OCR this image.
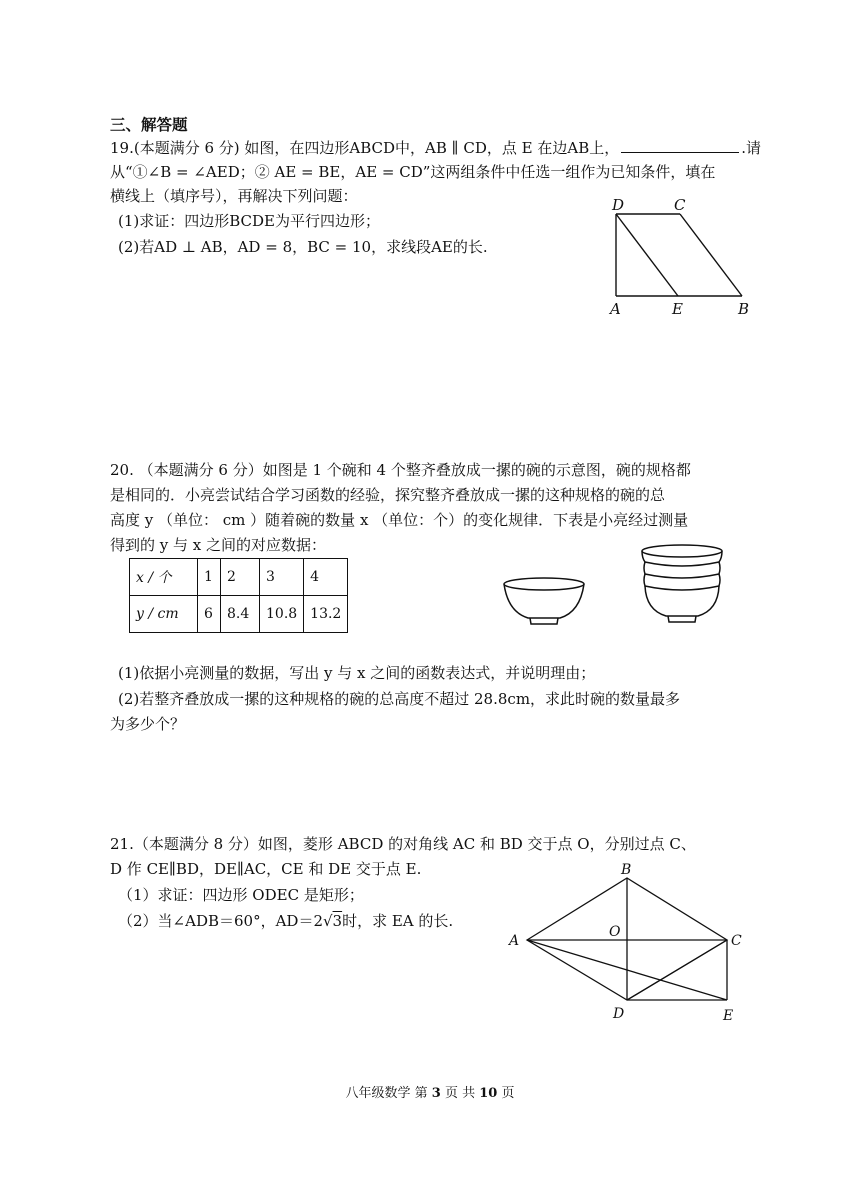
三、解答题
19.(本题满分 6 分) 如图，在四边形ABCD中，AB ∥ CD，点 E 在边AB上，	.请
从“①∠B = ∠AED；② AE = BE，AE = CD”这两组条件中任选一组作为已知条件，填在
横线上（填序号），再解决下列问题：
(1)求证：四边形BCDE为平行四边形；
(2)若AD ⊥ AB，AD = 8，BC = 10，求线段AE的长.
D	C
A	E	B
20. （本题满分 6 分）如图是 1 个碗和 4 个整齐叠放成一摞的碗的示意图，碗的规格都
是相同的．小亮尝试结合学习函数的经验，探究整齐叠放成一摞的这种规格的碗的总
高度 y （单位： cm ）随着碗的数量 x （单位：个）的变化规律．下表是小亮经过测量
得到的 y 与 x 之间的对应数据：
x / 个	1	2	3	4
y / cm	6	8.4	10.8	13.2
(1)依据小亮测量的数据，写出 y 与 x 之间的函数表达式，并说明理由；
(2)若整齐叠放成一摞的这种规格的碗的总高度不超过 28.8cm，求此时碗的数量最多
为多少个？
21.（本题满分 8 分）如图，菱形 ABCD 的对角线 AC 和 BD 交于点 O，分别过点 C、
D 作 CE∥BD，DE∥AC，CE 和 DE 交于点 E.
（1）求证：四边形 ODEC 是矩形；
（2）当∠ADB＝60°，AD＝2√3时，求 EA 的长.
B
A
O
C
D	E
八年级数学 第 3 页 共 10 页
